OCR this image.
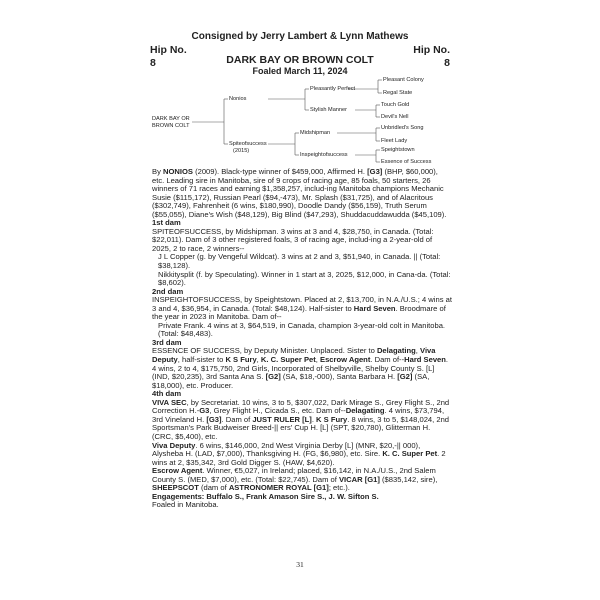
Consigned by Jerry Lambert & Lynn Mathews
Hip No.
8
Hip No.
8
DARK BAY OR BROWN COLT
Foaled March 11, 2024
DARK BAY OR
BROWN COLT
Nonios
Spiteofsuccess
(2015)
Pleasantly Perfect
Stylish Manner
Midshipman
Inspeightofsuccess
Pleasant Colony
Regal State
Touch Gold
Devil's Nell
Unbridled's Song
Fleet Lady
Speightstown
Essence of Success
By NONIOS (2009). Black-type winner of $459,000, Affirmed H. [G3] (BHP, $60,000), etc. Leading sire in Manitoba, sire of 9 crops of racing age, 85 foals, 50 starters, 26 winners of 71 races and earning $1,358,257, includ-ing Manitoba champions Mechanic Susie ($115,172), Russian Pearl ($94,-473), Mr. Splash ($31,725), and of Alacritous ($302,749), Fahrenheit (6 wins, $180,990), Doodle Dandy ($56,159), Truth Serum ($55,055), Diane's Wish ($48,129), Big Blind ($47,293), Shuddacuddawudda ($45,109).
1st dam
SPITEOFSUCCESS, by Midshipman. 3 wins at 3 and 4, $28,750, in Canada. (Total: $22,011). Dam of 3 other registered foals, 3 of racing age, includ-ing a 2-year-old of 2025, 2 to race, 2 winners--
J L Copper (g. by Vengeful Wildcat). 3 wins at 2 and 3, $51,940, in Canada. || (Total: $38,128).
Nikkitysplit (f. by Speculating). Winner in 1 start at 3, 2025, $12,000, in Cana-da. (Total: $8,602).
2nd dam
INSPEIGHTOFSUCCESS, by Speightstown. Placed at 2, $13,700, in N.A./U.S.; 4 wins at 3 and 4, $36,954, in Canada. (Total: $48,124). Half-sister to Hard Seven. Broodmare of the year in 2023 in Manitoba. Dam of--
Private Frank. 4 wins at 3, $64,519, in Canada, champion 3-year-old colt in Manitoba. (Total: $48,483).
3rd dam
ESSENCE OF SUCCESS, by Deputy Minister. Unplaced. Sister to Delagating, Viva Deputy, half-sister to K S Fury, K. C. Super Pet, Escrow Agent. Dam of--Hard Seven. 4 wins, 2 to 4, $175,750, 2nd Girls, Incorporated of Shelbyville, Shelby County S. [L] (IND, $20,235), 3rd Santa Ana S. [G2] (SA, $18,-000), Santa Barbara H. [G2] (SA, $18,000), etc. Producer.
4th dam
VIVA SEC, by Secretariat. 10 wins, 3 to 5, $307,022, Dark Mirage S., Grey Flight S., 2nd Correction H.-G3, Grey Flight H., Cicada S., etc. Dam of--Delagating. 4 wins, $73,794, 3rd Vineland H. [G3]. Dam of JUST RULER [L]. K S Fury. 8 wins, 3 to 5, $148,024, 2nd Sportsman's Park Budweiser Breed-|| ers' Cup H. [L] (SPT, $20,780), Glitterman H. (CRC, $5,400), etc.
Viva Deputy. 6 wins, $146,000, 2nd West Virginia Derby [L] (MNR, $20,-|| 000), Alysheba H. (LAD, $7,000), Thanksgiving H. (FG, $6,980), etc. Sire. K. C. Super Pet. 2 wins at 2, $35,342, 3rd Gold Digger S. (HAW, $4,620).
Escrow Agent. Winner, €5,027, in Ireland; placed, $16,142, in N.A./U.S., 2nd Salem County S. (MED, $7,000), etc. (Total: $22,745). Dam of VICAR [G1] ($835,142, sire), SHEEPSCOT (dam of ASTRONOMER ROYAL [G1]; etc.).
Engagements: Buffalo S., Frank Amason Sire S., J. W. Sifton S.
Foaled in Manitoba.
31
